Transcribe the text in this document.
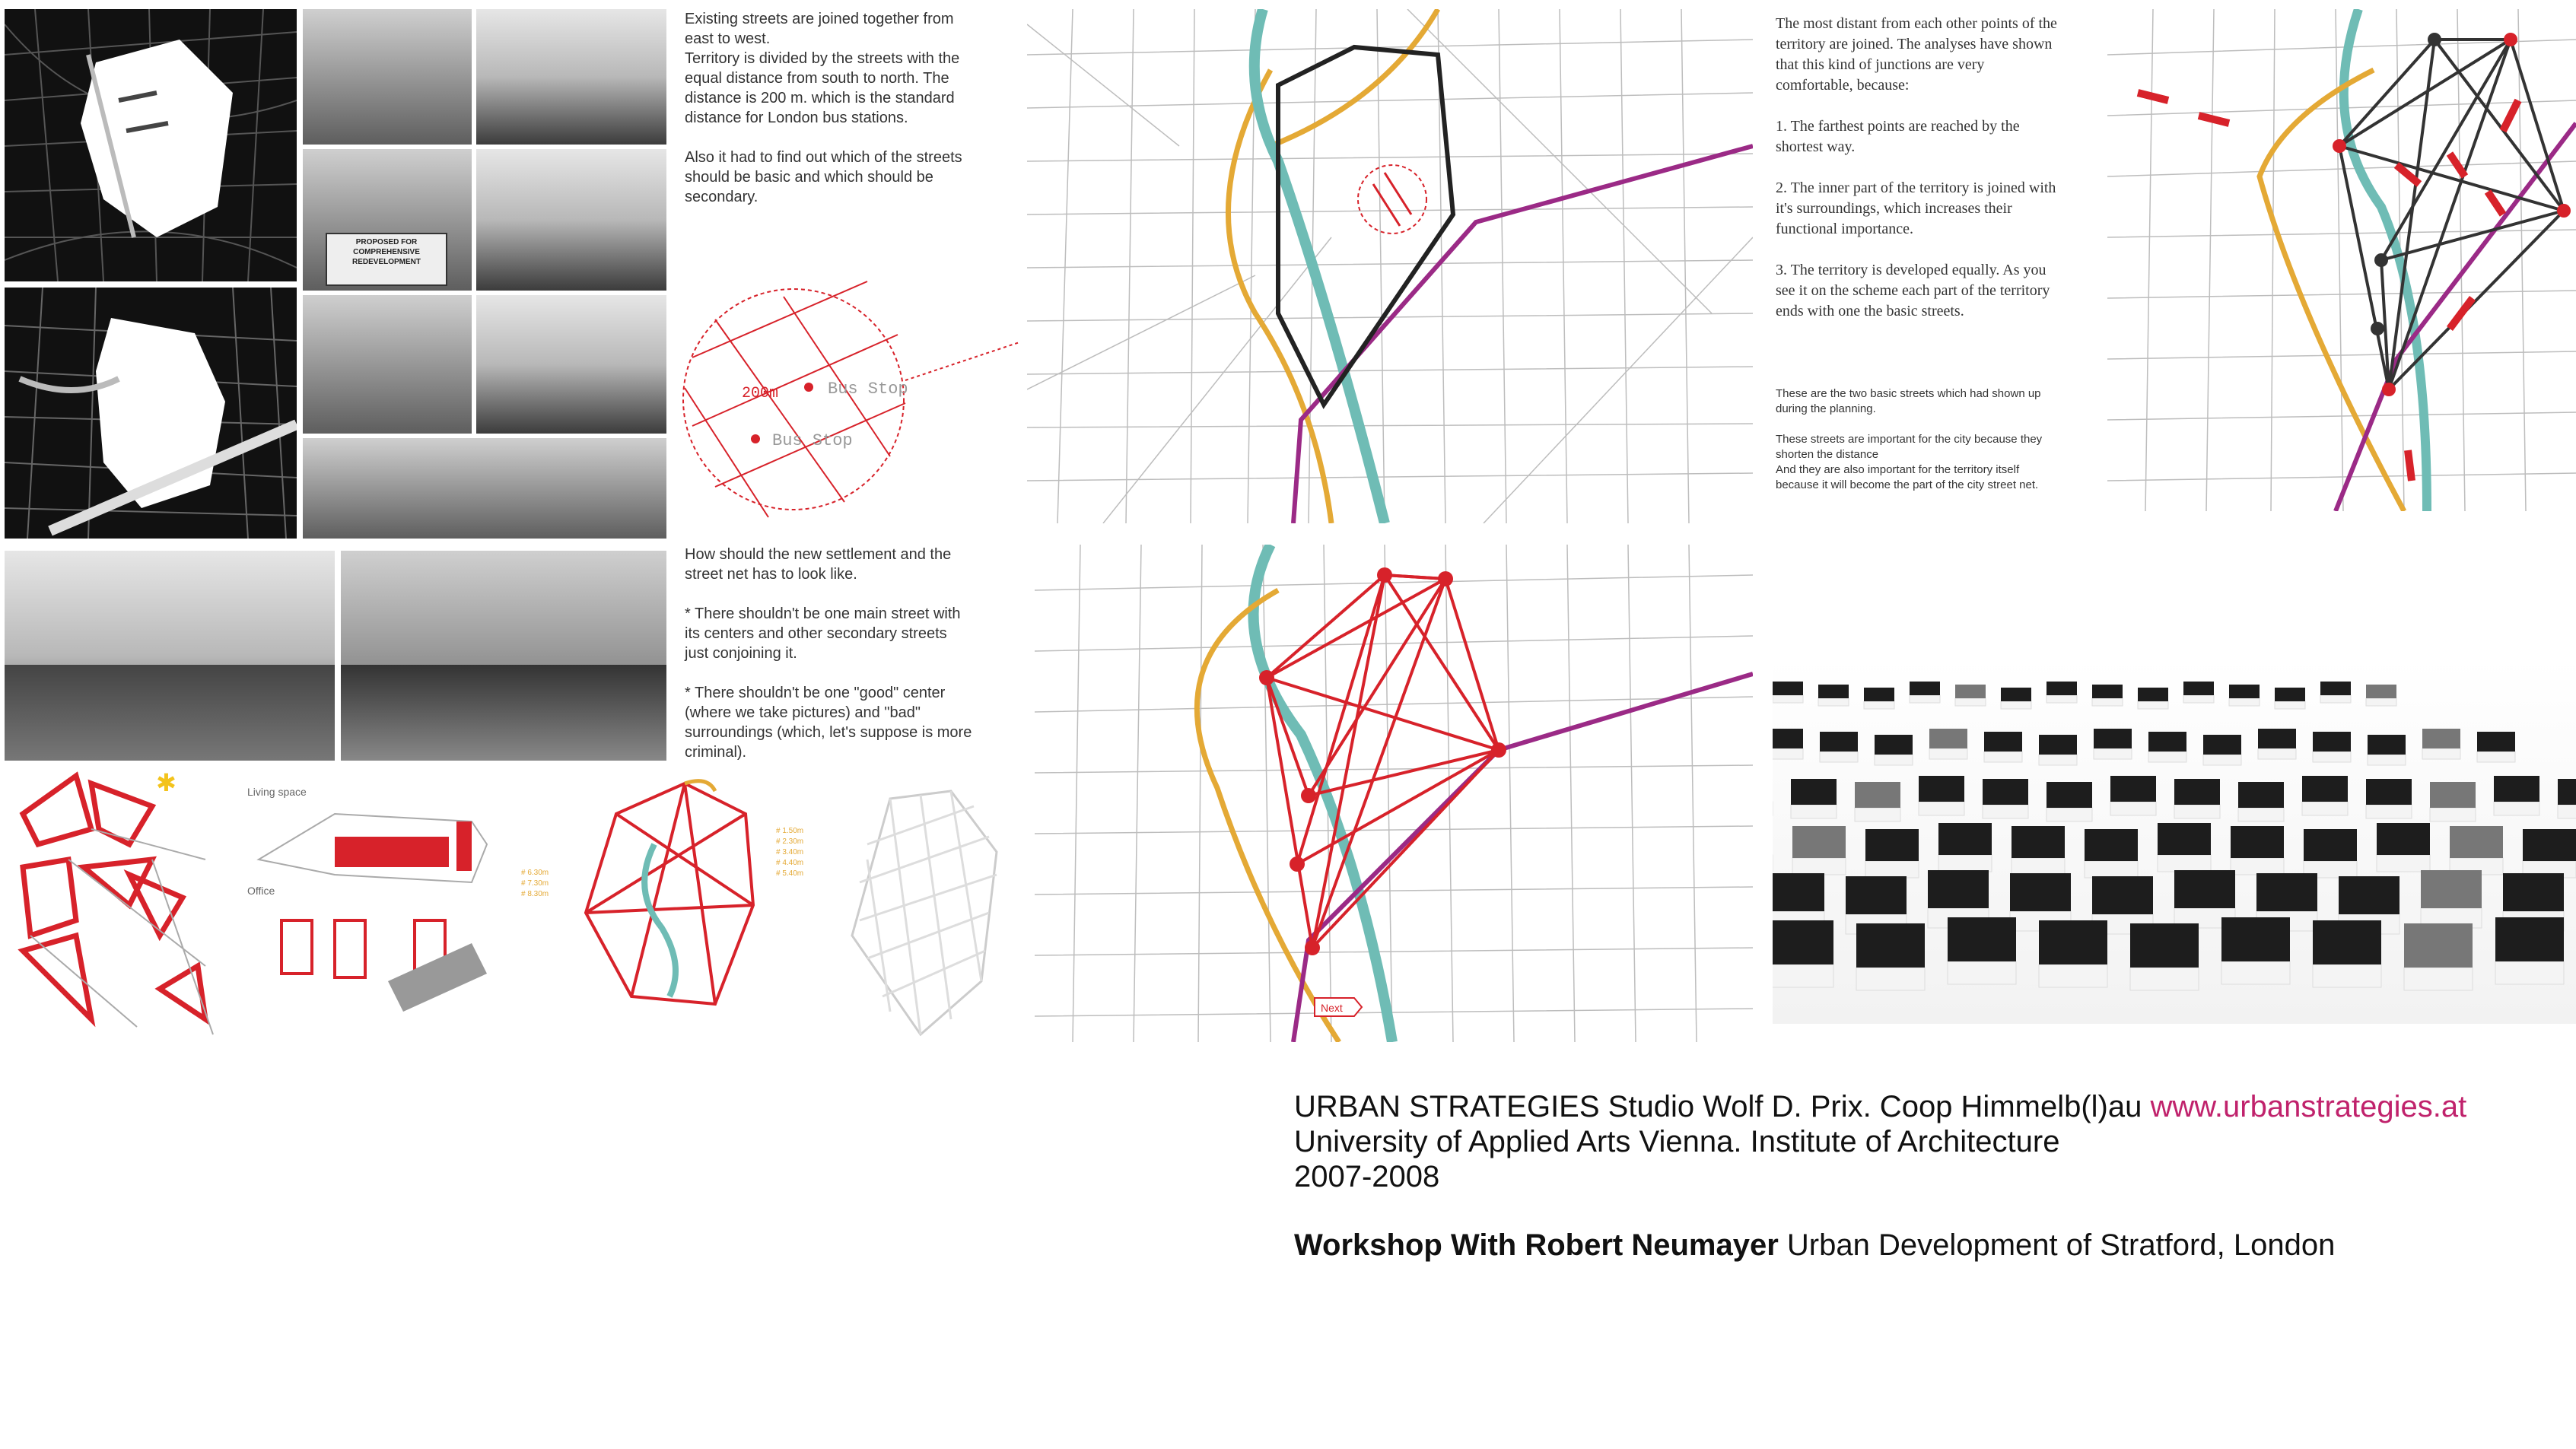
PROPOSED FOR
COMPREHENSIVE
REDEVELOPMENT
Existing streets are joined together from
east to west.
Territory is divided by the streets with the
equal distance from south to north. The
distance is 200 m. which is the standard
distance for London bus stations.

Also it had to find out which of the streets
should be basic and which should be
secondary.
How should the new settlement and the
street net has to look like.

* There shouldn't be one main street with
its centers and other secondary streets
just conjoining it.

* There shouldn't be one "good" center
(where we take pictures) and "bad"
surroundings (which, let's suppose is more
criminal).
The most distant from each other points of the
territory are joined. The analyses have shown
that this kind of junctions are very
comfortable, because:

1. The farthest points are reached by the
shortest way.

2. The inner part of the territory is joined with
it's surroundings, which increases their
functional importance.

3. The territory is developed equally. As you
see it on the scheme each part of the territory
ends with one the basic streets.
These are the two basic streets which had shown up
during the planning.

These streets are important for the city because they
shorten the distance
And they are also important for the territory itself
because it will become the part of the city street net.
200m	Bus Stop
Bus Stop
Next
✱	Living space
Office
# 1.50m
# 2.30m
# 3.40m
# 4.40m
# 5.40m
# 6.30m
# 7.30m
# 8.30m
URBAN STRATEGIES Studio Wolf D. Prix. Coop Himmelb(l)au www.urbanstrategies.at
University of Applied Arts Vienna. Institute of Architecture
2007-2008
Workshop With Robert Neumayer Urban Development of Stratford, London
